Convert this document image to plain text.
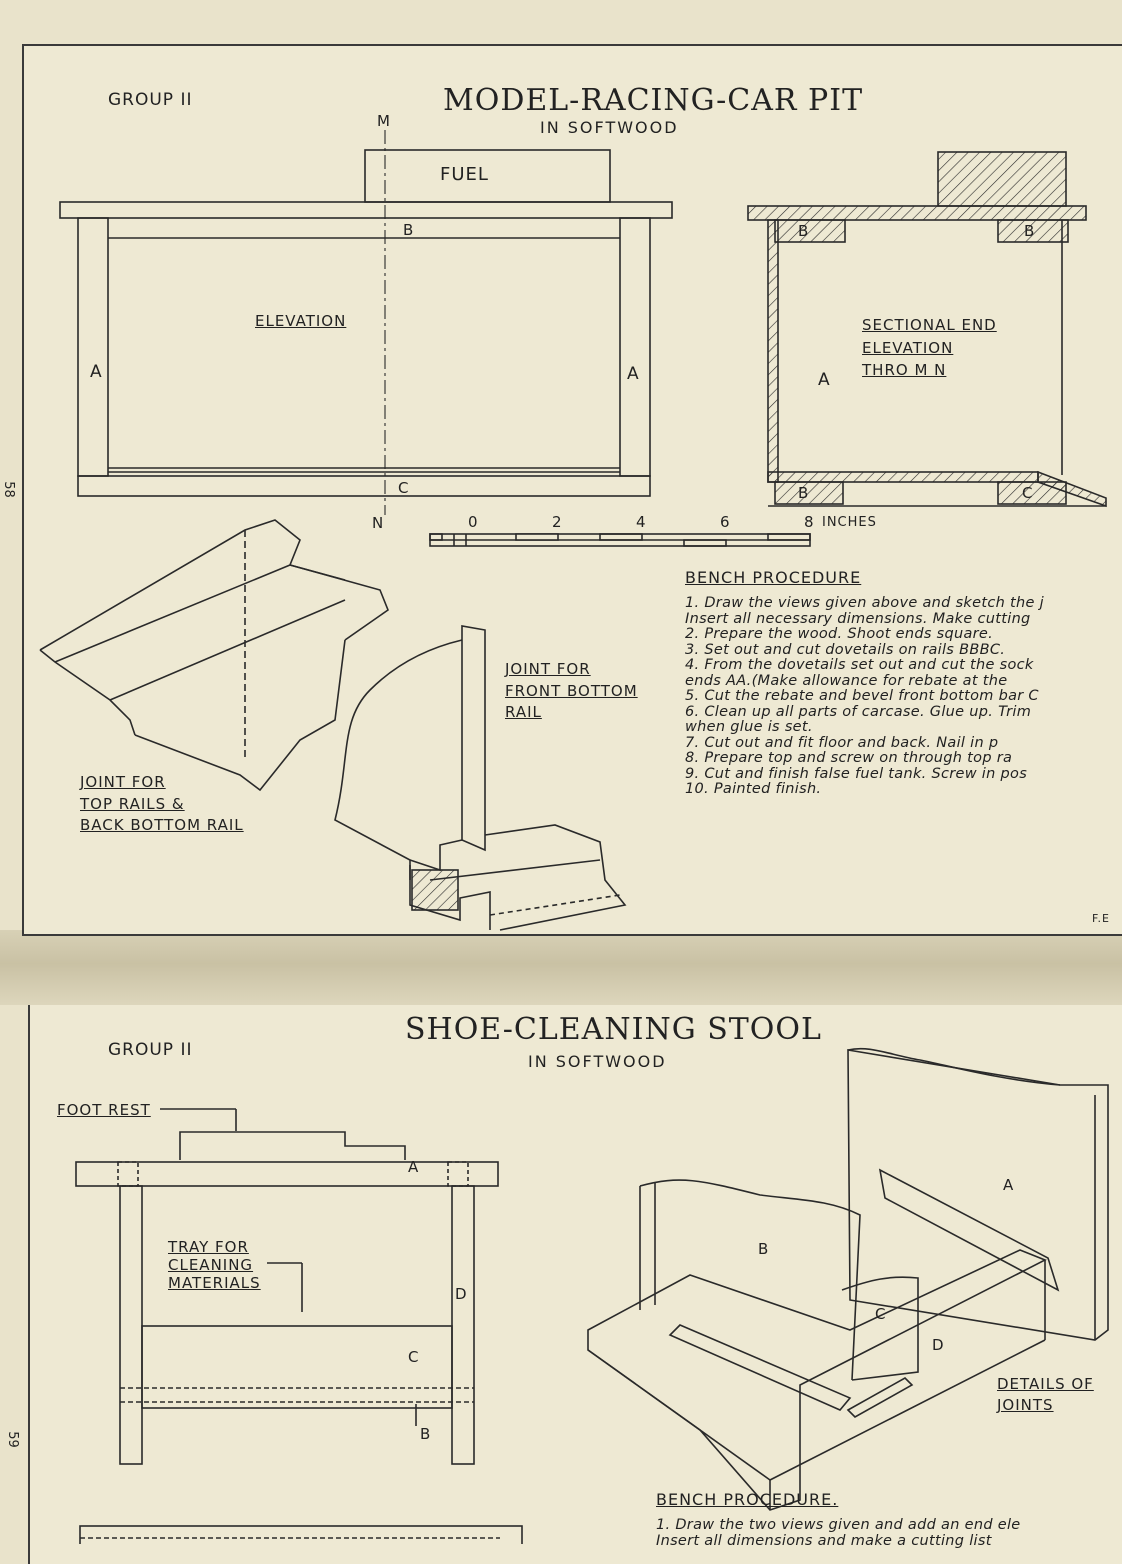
GROUP II	MODEL-RACING-CAR PIT
IN SOFTWOOD
M
N
FUEL
B
C
A	A
ELEVATION
B	B
A
B	C
SECTIONAL END
ELEVATION
THRO M N
0	2	4	6	8 INCHES
JOINT FOR
FRONT BOTTOM
RAIL
JOINT FOR
TOP RAILS &
BACK BOTTOM RAIL
BENCH PROCEDURE
1. Draw the views given above and sketch the j
Insert all necessary dimensions. Make cutting
2. Prepare the wood. Shoot ends square.
3. Set out and cut dovetails on rails BBBC.
4. From the dovetails set out and cut the sock
ends AA.(Make allowance for rebate at the
5. Cut the rebate and bevel front bottom bar C
6. Clean up all parts of carcase. Glue up. Trim
when glue is set.
7. Cut out and fit floor and back. Nail in p
8. Prepare top and screw on through top ra
9. Cut and finish false fuel tank. Screw in pos
10. Painted finish.
F.E
58
GROUP II
SHOE-CLEANING STOOL
IN SOFTWOOD
FOOT REST
A
TRAY FOR
CLEANING
MATERIALS
D
C
B
A
B
C
D
DETAILS OF
JOINTS
BENCH PROCEDURE.
1. Draw the two views given and add an end ele
Insert all dimensions and make a cutting list
59
